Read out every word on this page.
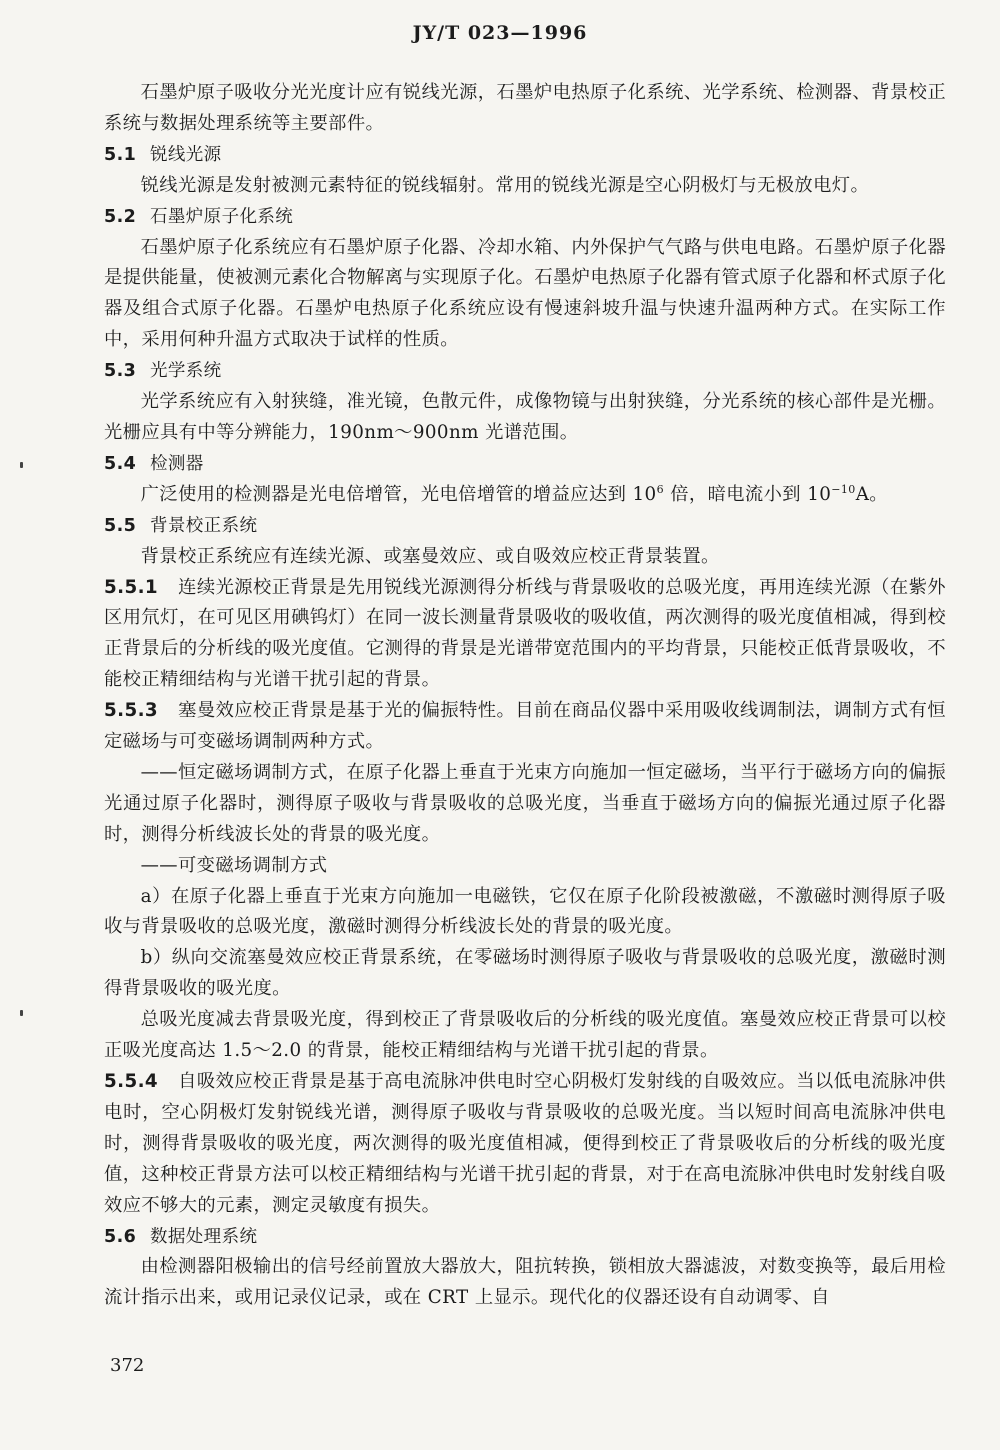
JY/T 023—1996

石墨炉原子吸收分光光度计应有锐线光源，石墨炉电热原子化系统、光学系统、检测器、背景校正系统与数据处理系统等主要部件。

5.1 锐线光源

锐线光源是发射被测元素特征的锐线辐射。常用的锐线光源是空心阴极灯与无极放电灯。

5.2 石墨炉原子化系统

石墨炉原子化系统应有石墨炉原子化器、冷却水箱、内外保护气气路与供电电路。石墨炉原子化器是提供能量，使被测元素化合物解离与实现原子化。石墨炉电热原子化器有管式原子化器和杯式原子化器及组合式原子化器。石墨炉电热原子化系统应设有慢速斜坡升温与快速升温两种方式。在实际工作中，采用何种升温方式取决于试样的性质。

5.3 光学系统

光学系统应有入射狭缝，准光镜，色散元件，成像物镜与出射狭缝，分光系统的核心部件是光栅。光栅应具有中等分辨能力，190nm～900nm 光谱范围。

5.4 检测器

广泛使用的检测器是光电倍增管，光电倍增管的增益应达到 $10^6$ 倍，暗电流小到 $10^{-10}A$。

5.5 背景校正系统

背景校正系统应有连续光源、或塞曼效应、或自吸效应校正背景装置。

5.5.1 连续光源校正背景是先用锐线光源测得分析线与背景吸收的总吸光度，再用连续光源（在紫外区用氘灯，在可见区用碘钨灯）在同一波长测量背景吸收的吸收值，两次测得的吸光度值相减，得到校正背景后的分析线的吸光度值。它测得的背景是光谱带宽范围内的平均背景，只能校正低背景吸收，不能校正精细结构与光谱干扰引起的背景。

5.5.3 塞曼效应校正背景是基于光的偏振特性。目前在商品仪器中采用吸收线调制法，调制方式有恒定磁场与可变磁场调制两种方式。

——恒定磁场调制方式，在原子化器上垂直于光束方向施加一恒定磁场，当平行于磁场方向的偏振光通过原子化器时，测得原子吸收与背景吸收的总吸光度，当垂直于磁场方向的偏振光通过原子化器时，测得分析线波长处的背景的吸光度。

——可变磁场调制方式

a）在原子化器上垂直于光束方向施加一电磁铁，它仅在原子化阶段被激磁，不激磁时测得原子吸收与背景吸收的总吸光度，激磁时测得分析线波长处的背景的吸光度。

b）纵向交流塞曼效应校正背景系统，在零磁场时测得原子吸收与背景吸收的总吸光度，激磁时测得背景吸收的吸光度。

总吸光度减去背景吸光度，得到校正了背景吸收后的分析线的吸光度值。塞曼效应校正背景可以校正吸光度高达 1.5～2.0 的背景，能校正精细结构与光谱干扰引起的背景。

5.5.4 自吸效应校正背景是基于高电流脉冲供电时空心阴极灯发射线的自吸效应。当以低电流脉冲供电时，空心阴极灯发射锐线光谱，测得原子吸收与背景吸收的总吸光度。当以短时间高电流脉冲供电时，测得背景吸收的吸光度，两次测得的吸光度值相减，便得到校正了背景吸收后的分析线的吸光度值，这种校正背景方法可以校正精细结构与光谱干扰引起的背景，对于在高电流脉冲供电时发射线自吸效应不够大的元素，测定灵敏度有损失。

5.6 数据处理系统

由检测器阳极输出的信号经前置放大器放大，阻抗转换，锁相放大器滤波，对数变换等，最后用检流计指示出来，或用记录仪记录，或在 CRT 上显示。现代化的仪器还设有自动调零、自

372
